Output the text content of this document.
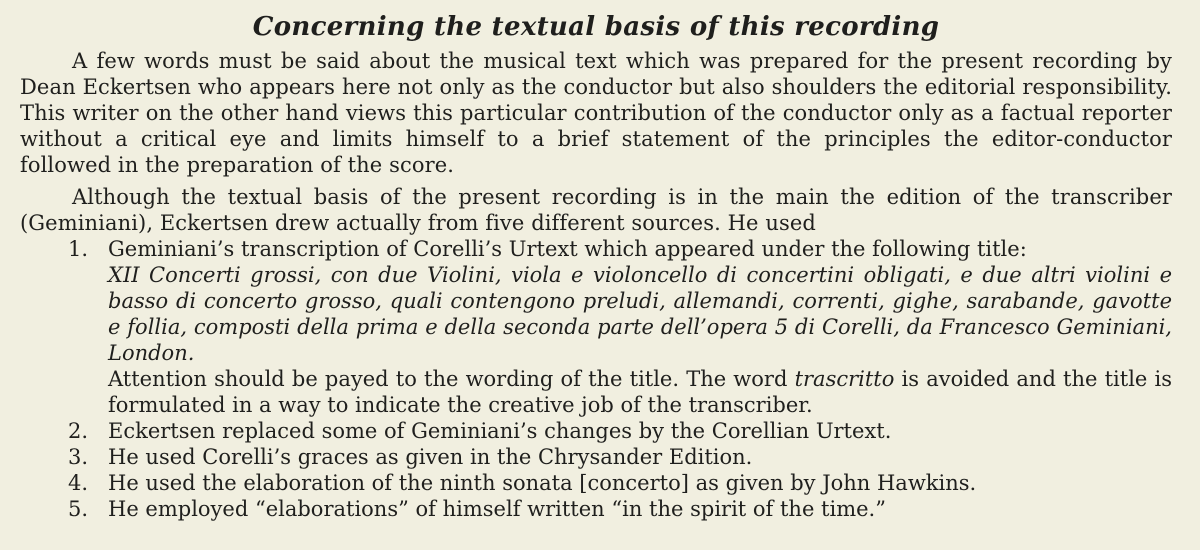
Concerning the textual basis of this recording

A few words must be said about the musical text which was prepared for the present recording by Dean Eckertsen who appears here not only as the conductor but also shoulders the editorial responsibility. This writer on the other hand views this particular contribution of the conductor only as a factual reporter without a critical eye and limits himself to a brief statement of the principles the editor-conductor followed in the preparation of the score.

Although the textual basis of the present recording is in the main the edition of the transcriber (Geminiani), Eckertsen drew actually from five different sources. He used

1. Geminiani’s transcription of Corelli’s Urtext which appeared under the following title:
XII Concerti grossi, con due Violini, viola e violoncello di concertini obligati, e due altri violini e basso di concerto grosso, quali contengono preludi, allemandi, correnti, gighe, sarabande, gavotte e follia, composti della prima e della seconda parte dell’opera 5 di Corelli, da Francesco Geminiani, London.
Attention should be payed to the wording of the title. The word trascritto is avoided and the title is formulated in a way to indicate the creative job of the transcriber.
2. Eckertsen replaced some of Geminiani’s changes by the Corellian Urtext.
3. He used Corelli’s graces as given in the Chrysander Edition.
4. He used the elaboration of the ninth sonata [concerto] as given by John Hawkins.
5. He employed “elaborations” of himself written “in the spirit of the time.”
